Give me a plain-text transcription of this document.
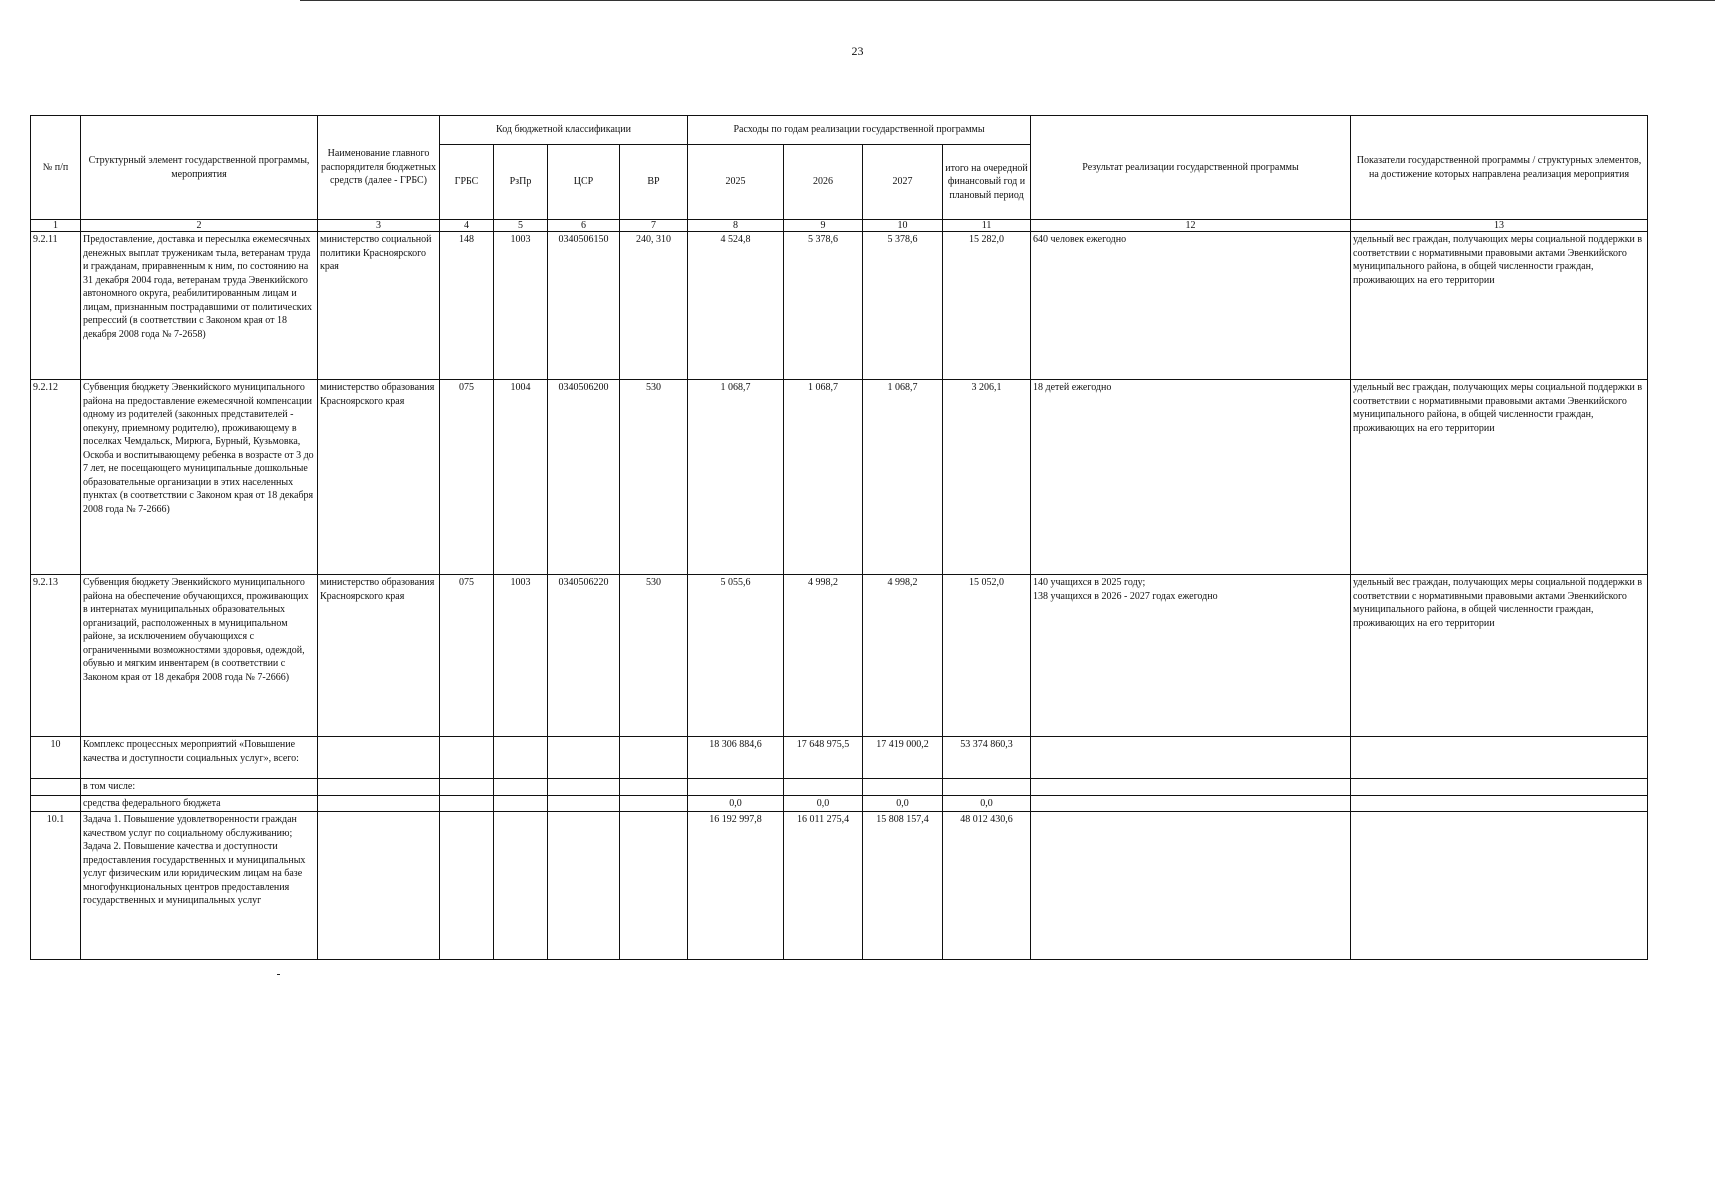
23
№ п/п	Структурный элемент государственной программы, мероприятия	Наименование главного распорядителя бюджетных средств (далее - ГРБС)	Код бюджетной классификации				Расходы по годам реализации государственной программы				Результат реализации государственной программы	Показатели государственной программы / структурных элементов, на достижение которых направлена реализация мероприятия
			ГРБС	РзПр	ЦСР	ВР	2025	2026	2027	итого на очередной финансовый год и плановый период		
1	2	3	4	5	6	7	8	9	10	11	12	13
9.2.11	Предоставление, доставка и пересылка ежемесячных денежных выплат труженикам тыла, ветеранам труда и гражданам, приравненным к ним, по состоянию на 31 декабря 2004 года, ветеранам труда Эвенкийского автономного округа, реабилитированным лицам и лицам, признанным пострадавшими от политических репрессий (в соответствии с Законом края от 18 декабря 2008 года № 7-2658)	министерство социальной политики Красноярского края	148	1003	0340506150	240, 310	4 524,8	5 378,6	5 378,6	15 282,0	640 человек ежегодно	удельный вес граждан, получающих меры социальной поддержки в соответствии с нормативными правовыми актами Эвенкийского муниципального района, в общей численности граждан, проживающих на его территории
9.2.12	Субвенция бюджету Эвенкийского муниципального района на предоставление ежемесячной компенсации одному из родителей (законных представителей - опекуну, приемному родителю), проживающему в поселках Чемдальск, Мирюга, Бурный, Кузьмовка, Оскоба и воспитывающему ребенка в возрасте от 3 до 7 лет, не посещающего муниципальные дошкольные образовательные организации в этих населенных пунктах (в соответствии с Законом края от 18 декабря 2008 года № 7-2666)	министерство образования Красноярского края	075	1004	0340506200	530	1 068,7	1 068,7	1 068,7	3 206,1	18 детей ежегодно	удельный вес граждан, получающих меры социальной поддержки в соответствии с нормативными правовыми актами Эвенкийского муниципального района, в общей численности граждан, проживающих на его территории
9.2.13	Субвенция бюджету Эвенкийского муниципального района на обеспечение обучающихся, проживающих в интернатах муниципальных образовательных организаций, расположенных в муниципальном районе, за исключением обучающихся с ограниченными возможностями здоровья, одеждой, обувью и мягким инвентарем (в соответствии с Законом края от 18 декабря 2008 года № 7-2666)	министерство образования Красноярского края	075	1003	0340506220	530	5 055,6	4 998,2	4 998,2	15 052,0	140 учащихся в 2025 году;
138 учащихся в 2026 - 2027 годах ежегодно	удельный вес граждан, получающих меры социальной поддержки в соответствии с нормативными правовыми актами Эвенкийского муниципального района, в общей численности граждан, проживающих на его территории
10	Комплекс процессных мероприятий «Повышение качества и доступности социальных услуг», всего:						18 306 884,6	17 648 975,5	17 419 000,2	53 374 860,3		
	в том числе:											
	средства федерального бюджета						0,0	0,0	0,0	0,0		
10.1	Задача 1. Повышение удовлетворенности граждан качеством услуг по социальному обслуживанию;
Задача 2. Повышение качества и доступности предоставления государственных и муниципальных услуг физическим или юридическим лицам на базе многофункциональных центров предоставления государственных и муниципальных услуг						16 192 997,8	16 011 275,4	15 808 157,4	48 012 430,6		
